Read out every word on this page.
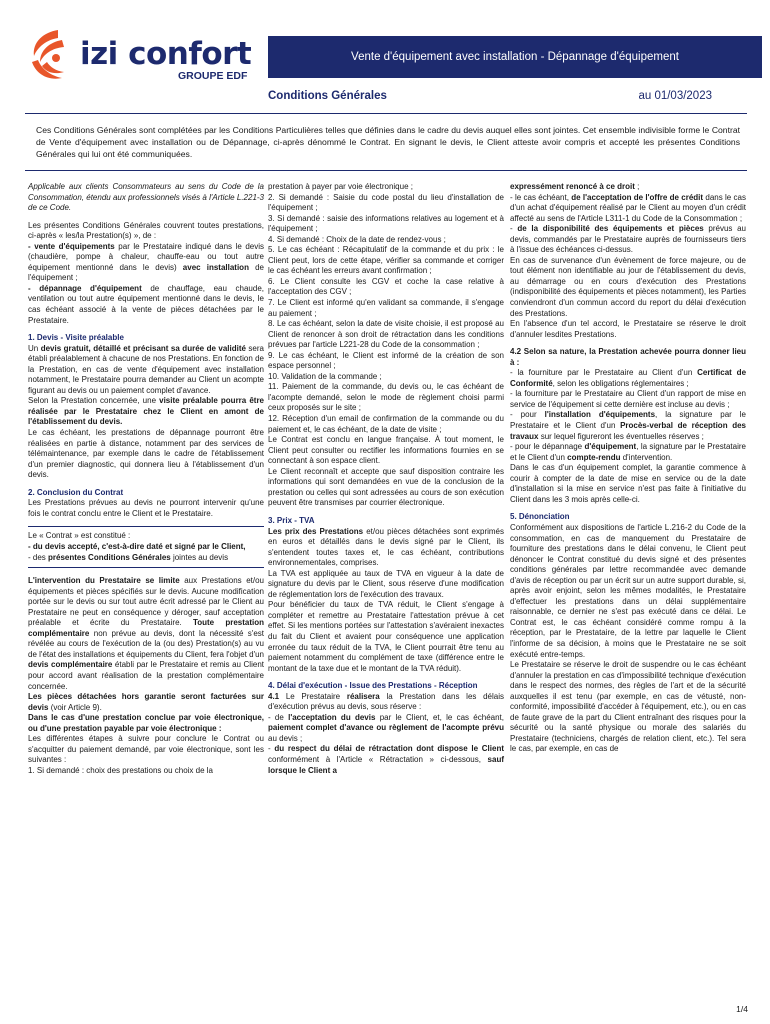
izi confort
GROUPE EDF
Vente d'équipement avec installation - Dépannage d'équipement
Conditions Générales	au 01/03/2023
Ces Conditions Générales sont complétées par les Conditions Particulières telles que définies dans le cadre du devis auquel elles sont jointes. Cet ensemble indivisible forme le Contrat de Vente d'équipement avec installation ou de Dépannage, ci-après dénommé le Contrat. En signant le devis, le Client atteste avoir compris et accepté les présentes Conditions Générales qui lui ont été communiquées.

Applicable aux clients Consommateurs au sens du Code de la Consommation, étendu aux professionnels visés à l'Article L.221-3 de ce Code.

Les présentes Conditions Générales couvrent toutes prestations, ci-après « les/la Prestation(s) », de :

- vente d'équipements par le Prestataire indiqué dans le devis (chaudière, pompe à chaleur, chauffe-eau ou tout autre équipement mentionné dans le devis) avec installation de l'équipement ;

- dépannage d'équipement de chauffage, eau chaude, ventilation ou tout autre équipement mentionné dans le devis, le cas échéant associé à la vente de pièces détachées par le Prestataire.

1. Devis - Visite préalable

Un devis gratuit, détaillé et précisant sa durée de validité sera établi préalablement à chacune de nos Prestations. En fonction de la Prestation, en cas de vente d'équipement avec installation notamment, le Prestataire pourra demander au Client un acompte figurant au devis ou un paiement complet d'avance.

Selon la Prestation concernée, une visite préalable pourra être réalisée par le Prestataire chez le Client en amont de l'établissement du devis.

Le cas échéant, les prestations de dépannage pourront être réalisées en partie à distance, notamment par des services de télémaintenance, par exemple dans le cadre de l'établissement d'un premier diagnostic, qui donnera lieu à l'établissement d'un devis.

2. Conclusion du Contrat

Les Prestations prévues au devis ne pourront intervenir qu'une fois le contrat conclu entre le Client et le Prestataire.

Le « Contrat » est constitué :
- du devis accepté, c'est-à-dire daté et signé par le Client,
- des présentes Conditions Générales jointes au devis

L'intervention du Prestataire se limite aux Prestations et/ou équipements et pièces spécifiés sur le devis. Aucune modification portée sur le devis ou sur tout autre écrit adressé par le Client au Prestataire ne peut en conséquence y déroger, sauf acceptation préalable et écrite du Prestataire. Toute prestation complémentaire non prévue au devis, dont la nécessité s'est révélée au cours de l'exécution de la (ou des) Prestation(s) au vu de l'état des installations et équipements du Client, fera l'objet d'un devis complémentaire établi par le Prestataire et remis au Client pour accord avant réalisation de la prestation complémentaire concernée.

Les pièces détachées hors garantie seront facturées sur devis (voir Article 9).

Dans le cas d'une prestation conclue par voie électronique, ou d'une prestation payable par voie électronique :

Les différentes étapes à suivre pour conclure le Contrat ou s'acquitter du paiement demandé, par voie électronique, sont les suivantes :

1. Si demandé : choix des prestations ou choix de la

prestation à payer par voie électronique ;
2. Si demandé : Saisie du code postal du lieu d'installation de l'équipement ;
3. Si demandé : saisie des informations relatives au logement et à l'équipement ;
4. Si demandé : Choix de la date de rendez-vous ;
5. Le cas échéant : Récapitulatif de la commande et du prix : le Client peut, lors de cette étape, vérifier sa commande et corriger le cas échéant les erreurs avant confirmation ;
6. Le Client consulte les CGV et coche la case relative à l'acceptation des CGV ;
7. Le Client est informé qu'en validant sa commande, il s'engage au paiement ;
8. Le cas échéant, selon la date de visite choisie, il est proposé au Client de renoncer à son droit de rétractation dans les conditions prévues par l'article L221-28 du Code de la consommation ;
9. Le cas échéant, le Client est informé de la création de son espace personnel ;
10. Validation de la commande ;
11. Paiement de la commande, du devis ou, le cas échéant de l'acompte demandé, selon le mode de règlement choisi parmi ceux proposés sur le site ;
12. Réception d'un email de confirmation de la commande ou du paiement et, le cas échéant, de la date de visite ;

Le Contrat est conclu en langue française. À tout moment, le Client peut consulter ou rectifier les informations fournies en se connectant à son espace client.

Le Client reconnaît et accepte que sauf disposition contraire les informations qui sont demandées en vue de la conclusion de la prestation ou celles qui sont adressées au cours de son exécution peuvent être transmises par courrier électronique.

3. Prix - TVA

Les prix des Prestations et/ou pièces détachées sont exprimés en euros et détaillés dans le devis signé par le Client, ils s'entendent toutes taxes et, le cas échéant, contributions environnementales, comprises.

La TVA est appliquée au taux de TVA en vigueur à la date de signature du devis par le Client, sous réserve d'une modification de réglementation lors de l'exécution des travaux.

Pour bénéficier du taux de TVA réduit, le Client s'engage à compléter et remettre au Prestataire l'attestation prévue à cet effet. Si les mentions portées sur l'attestation s'avéraient inexactes du fait du Client et avaient pour conséquence une application erronée du taux réduit de la TVA, le Client pourrait être tenu au paiement notamment du complément de taxe (différence entre le montant de la taxe due et le montant de la TVA réduit).

4. Délai d'exécution - Issue des Prestations - Réception

4.1 Le Prestataire réalisera la Prestation dans les délais d'exécution prévus au devis, sous réserve :

- de l'acceptation du devis par le Client, et, le cas échéant, paiement complet d'avance ou règlement de l'acompte prévu au devis ;

- du respect du délai de rétractation dont dispose le Client conformément à l'Article « Rétractation » ci-dessous, sauf lorsque le Client a

expressément renoncé à ce droit ;

- le cas échéant, de l'acceptation de l'offre de crédit dans le cas d'un achat d'équipement réalisé par le Client au moyen d'un crédit affecté au sens de l'Article L311-1 du Code de la Consommation ;

- de la disponibilité des équipements et pièces prévus au devis, commandés par le Prestataire auprès de fournisseurs tiers à l'issue des échéances ci-dessus.

En cas de survenance d'un évènement de force majeure, ou de tout élément non identifiable au jour de l'établissement du devis, au démarrage ou en cours d'exécution des Prestations (indisponibilité des équipements et pièces notamment), les Parties conviendront d'un commun accord du report du délai d'exécution des Prestations.

En l'absence d'un tel accord, le Prestataire se réserve le droit d'annuler lesdites Prestations.

4.2 Selon sa nature, la Prestation achevée pourra donner lieu à :

- la fourniture par le Prestataire au Client d'un Certificat de Conformité, selon les obligations réglementaires ;

- la fourniture par le Prestataire au Client d'un rapport de mise en service de l'équipement si cette dernière est incluse au devis ;

- pour l'installation d'équipements, la signature par le Prestataire et le Client d'un Procès-verbal de réception des travaux sur lequel figureront les éventuelles réserves ;

- pour le dépannage d'équipement, la signature par le Prestataire et le Client d'un compte-rendu d'intervention.

Dans le cas d'un équipement complet, la garantie commence à courir à compter de la date de mise en service ou de la date d'installation si la mise en service n'est pas faite à l'initiative du Client dans les 3 mois après celle-ci.

5. Dénonciation

Conformément aux dispositions de l'article L.216-2 du Code de la consommation, en cas de manquement du Prestataire de fourniture des prestations dans le délai convenu, le Client peut dénoncer le Contrat constitué du devis signé et des présentes conditions générales par lettre recommandée avec demande d'avis de réception ou par un écrit sur un autre support durable, si, après avoir enjoint, selon les mêmes modalités, le Prestataire d'effectuer les prestations dans un délai supplémentaire raisonnable, ce dernier ne s'est pas exécuté dans ce délai. Le Contrat est, le cas échéant considéré comme rompu à la réception, par le Prestataire, de la lettre par laquelle le Client l'informe de sa décision, à moins que le Prestataire ne se soit exécuté entre-temps.

Le Prestataire se réserve le droit de suspendre ou le cas échéant d'annuler la prestation en cas d'impossibilité technique d'exécution dans le respect des normes, des règles de l'art et de la sécurité auxquelles il est tenu (par exemple, en cas de vétusté, non-conformité, impossibilité d'accéder à l'équipement, etc.), ou en cas de faute grave de la part du Client entraînant des risques pour la sécurité ou la santé physique ou morale des salariés du Prestataire (techniciens, chargés de relation client, etc.). Tel sera le cas, par exemple, en cas de

1/4
